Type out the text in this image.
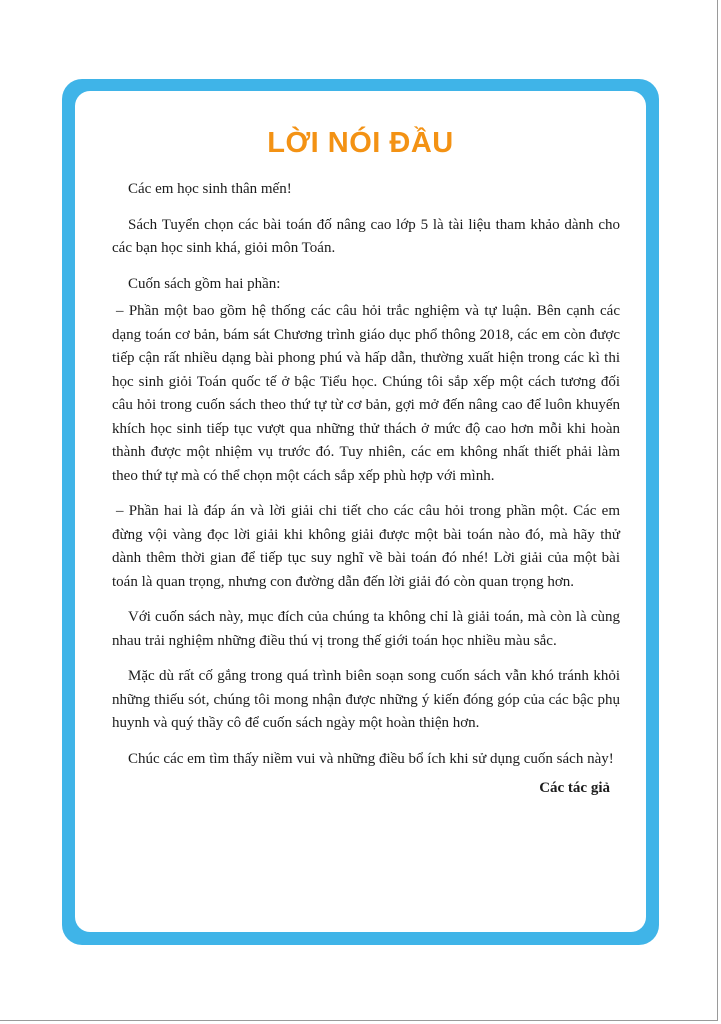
LỜI NÓI ĐẦU

Các em học sinh thân mến!

Sách Tuyển chọn các bài toán đố nâng cao lớp 5 là tài liệu tham khảo dành cho các bạn học sinh khá, giỏi môn Toán.

Cuốn sách gồm hai phần:

– Phần một bao gồm hệ thống các câu hỏi trắc nghiệm và tự luận. Bên cạnh các dạng toán cơ bản, bám sát Chương trình giáo dục phổ thông 2018, các em còn được tiếp cận rất nhiều dạng bài phong phú và hấp dẫn, thường xuất hiện trong các kì thi học sinh giỏi Toán quốc tế ở bậc Tiểu học. Chúng tôi sắp xếp một cách tương đối câu hỏi trong cuốn sách theo thứ tự từ cơ bản, gợi mở đến nâng cao để luôn khuyến khích học sinh tiếp tục vượt qua những thử thách ở mức độ cao hơn mỗi khi hoàn thành được một nhiệm vụ trước đó. Tuy nhiên, các em không nhất thiết phải làm theo thứ tự mà có thể chọn một cách sắp xếp phù hợp với mình.

– Phần hai là đáp án và lời giải chi tiết cho các câu hỏi trong phần một. Các em đừng vội vàng đọc lời giải khi không giải được một bài toán nào đó, mà hãy thử dành thêm thời gian để tiếp tục suy nghĩ về bài toán đó nhé! Lời giải của một bài toán là quan trọng, nhưng con đường dẫn đến lời giải đó còn quan trọng hơn.

Với cuốn sách này, mục đích của chúng ta không chỉ là giải toán, mà còn là cùng nhau trải nghiệm những điều thú vị trong thế giới toán học nhiều màu sắc.

Mặc dù rất cố gắng trong quá trình biên soạn song cuốn sách vẫn khó tránh khỏi những thiếu sót, chúng tôi mong nhận được những ý kiến đóng góp của các bậc phụ huynh và quý thầy cô để cuốn sách ngày một hoàn thiện hơn.

Chúc các em tìm thấy niềm vui và những điều bổ ích khi sử dụng cuốn sách này!

Các tác giả
